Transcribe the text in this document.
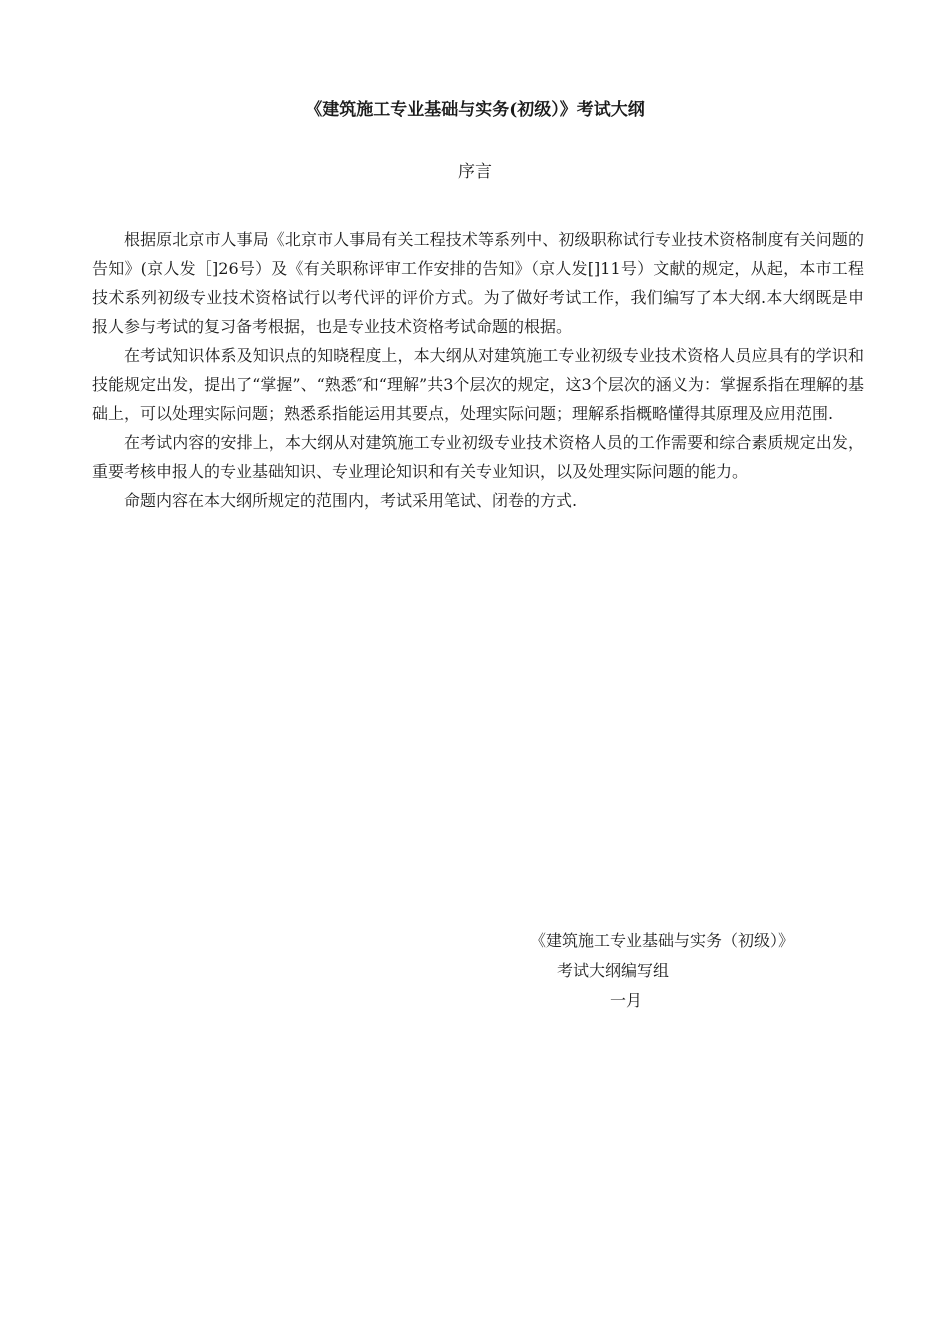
《建筑施工专业基础与实务(初级）》考试大纲
序言

根据原北京市人事局《北京市人事局有关工程技术等系列中、初级职称试行专业技术资格制度有关问题的告知》(京人发［]26号）及《有关职称评审工作安排的告知》（京人发[]11号）文献的规定，从起，本市工程技术系列初级专业技术资格试行以考代评的评价方式。为了做好考试工作，我们编写了本大纲.本大纲既是申报人参与考试的复习备考根据，也是专业技术资格考试命题的根据。

在考试知识体系及知识点的知晓程度上，本大纲从对建筑施工专业初级专业技术资格人员应具有的学识和技能规定出发，提出了“掌握”、“熟悉″和“理解”共3个层次的规定，这3个层次的涵义为：掌握系指在理解的基础上，可以处理实际问题；熟悉系指能运用其要点，处理实际问题；理解系指概略懂得其原理及应用范围.

在考试内容的安排上，本大纲从对建筑施工专业初级专业技术资格人员的工作需要和综合素质规定出发，重要考核申报人的专业基础知识、专业理论知识和有关专业知识，以及处理实际问题的能力。

命题内容在本大纲所规定的范围内，考试采用笔试、闭卷的方式.

《建筑施工专业基础与实务（初级）》
考试大纲编写组
一月
